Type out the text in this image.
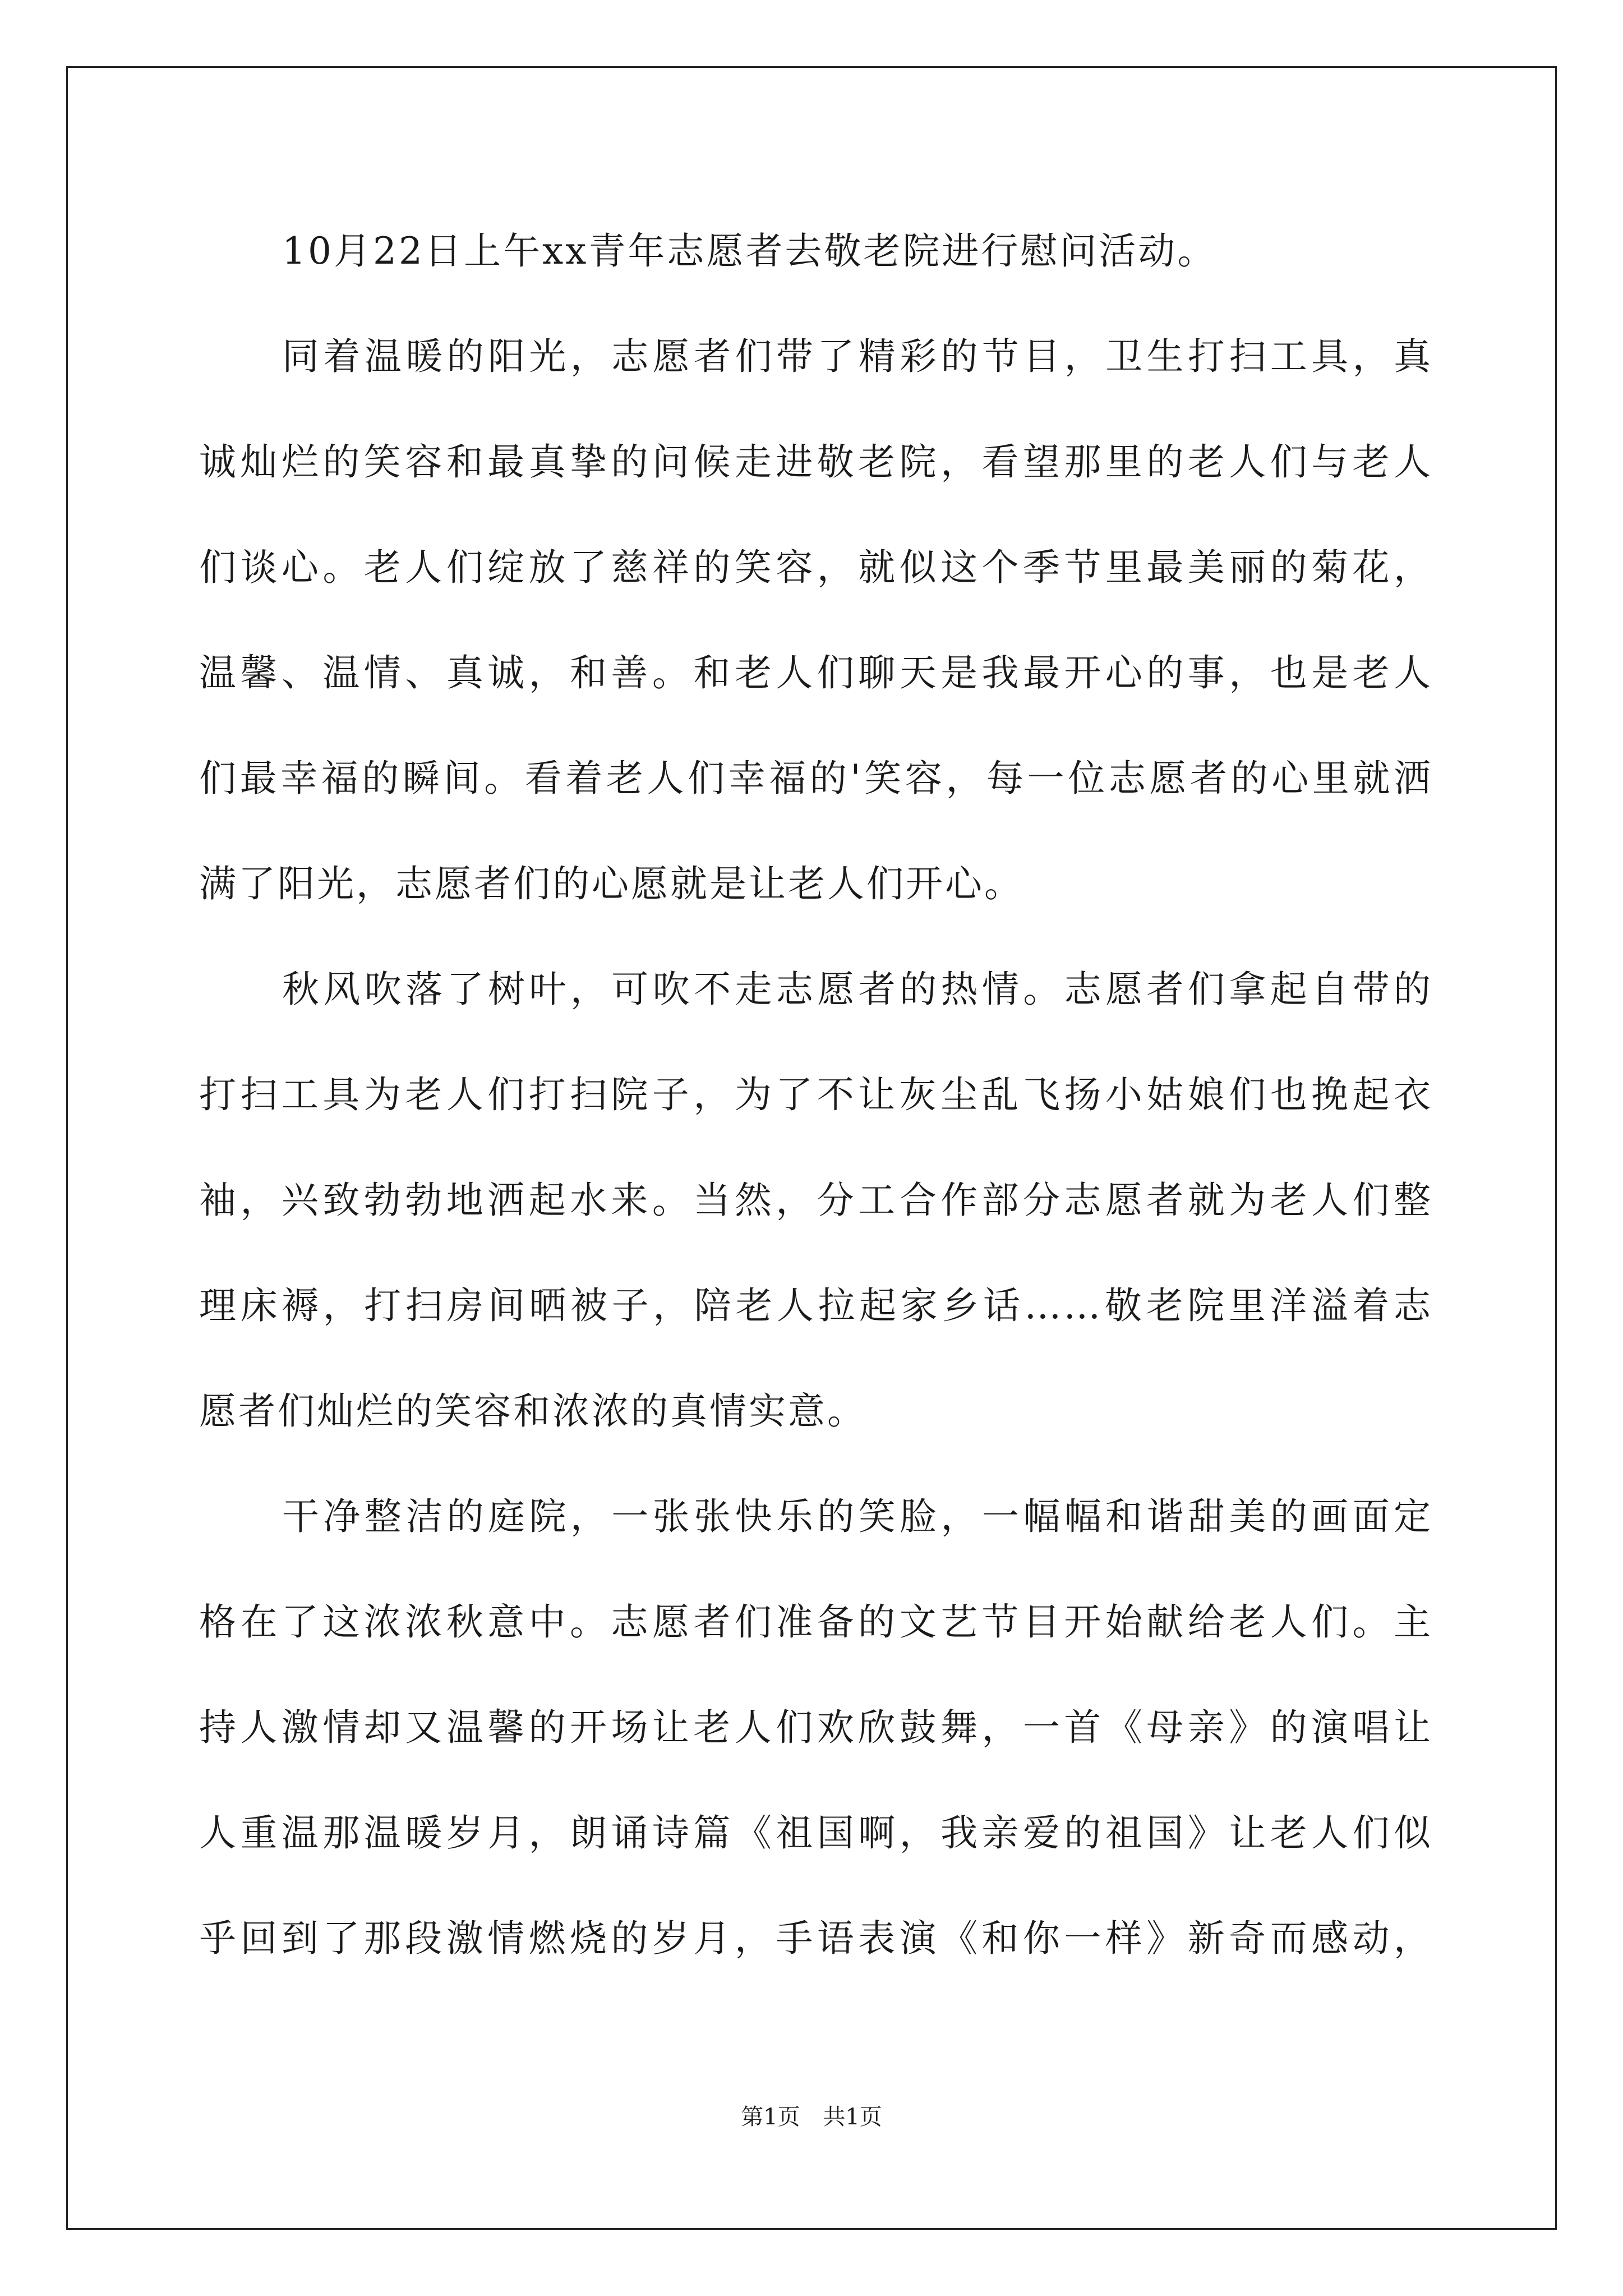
10月22日上午xx青年志愿者去敬老院进行慰问活动。
同着温暖的阳光，志愿者们带了精彩的节目，卫生打扫工具，真
诚灿烂的笑容和最真挚的问候走进敬老院，看望那里的老人们与老人
们谈心。老人们绽放了慈祥的笑容，就似这个季节里最美丽的菊花，
温馨、温情、真诚，和善。和老人们聊天是我最开心的事，也是老人
们最幸福的瞬间。看着老人们幸福的'笑容，每一位志愿者的心里就洒
满了阳光，志愿者们的心愿就是让老人们开心。
秋风吹落了树叶，可吹不走志愿者的热情。志愿者们拿起自带的
打扫工具为老人们打扫院子，为了不让灰尘乱飞扬小姑娘们也挽起衣
袖，兴致勃勃地洒起水来。当然，分工合作部分志愿者就为老人们整
理床褥，打扫房间晒被子，陪老人拉起家乡话……敬老院里洋溢着志
愿者们灿烂的笑容和浓浓的真情实意。
干净整洁的庭院，一张张快乐的笑脸，一幅幅和谐甜美的画面定
格在了这浓浓秋意中。志愿者们准备的文艺节目开始献给老人们。主
持人激情却又温馨的开场让老人们欢欣鼓舞，一首《母亲》的演唱让
人重温那温暖岁月，朗诵诗篇《祖国啊，我亲爱的祖国》让老人们似
乎回到了那段激情燃烧的岁月，手语表演《和你一样》新奇而感动，
第1页 共1页
